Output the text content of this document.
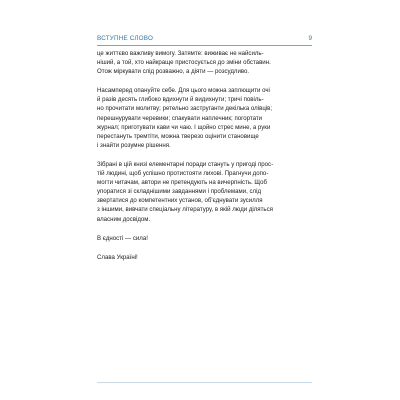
ВСТУПНЕ СЛОВО	9

це життєво важливу вимогу. Затямте: виживає не найсиль-
ніший, а той, хто найкраще пристосується до зміни обставин.
Отож міркувати слід розважно, а діяти — розсудливо.

Насамперед опануйте себе. Для цього можна заплющити очі
й разів десять глибоко вдихнути й видихнути; тричі повіль-
но прочитати молитву; ретельно заструганти декілька олівців;
перешнурувати черевики; спакувати наплечник; погортати
журнал; приготувати кави чи чаю. І щойно стрес мине, а руки
перестануть тремтіти, можна тверезо оцінити становище
і знайти розумне рішення.

Зібрані в цій книзі елементарні поради стануть у пригоді прос-
тій людині, щоб успішно протистояти лихові. Прагнучи допо-
могти читачам, автори не претендують на вичерпність. Щоб
упоратися зі складнішими завданнями і проблемами, слід
звертатися до компетентних установ, об'єднувати зусилля
з іншими, вивчати спеціальну літературу, в якій люди діляться
власним досвідом.

В єдності — сила!

Слава Україні!
